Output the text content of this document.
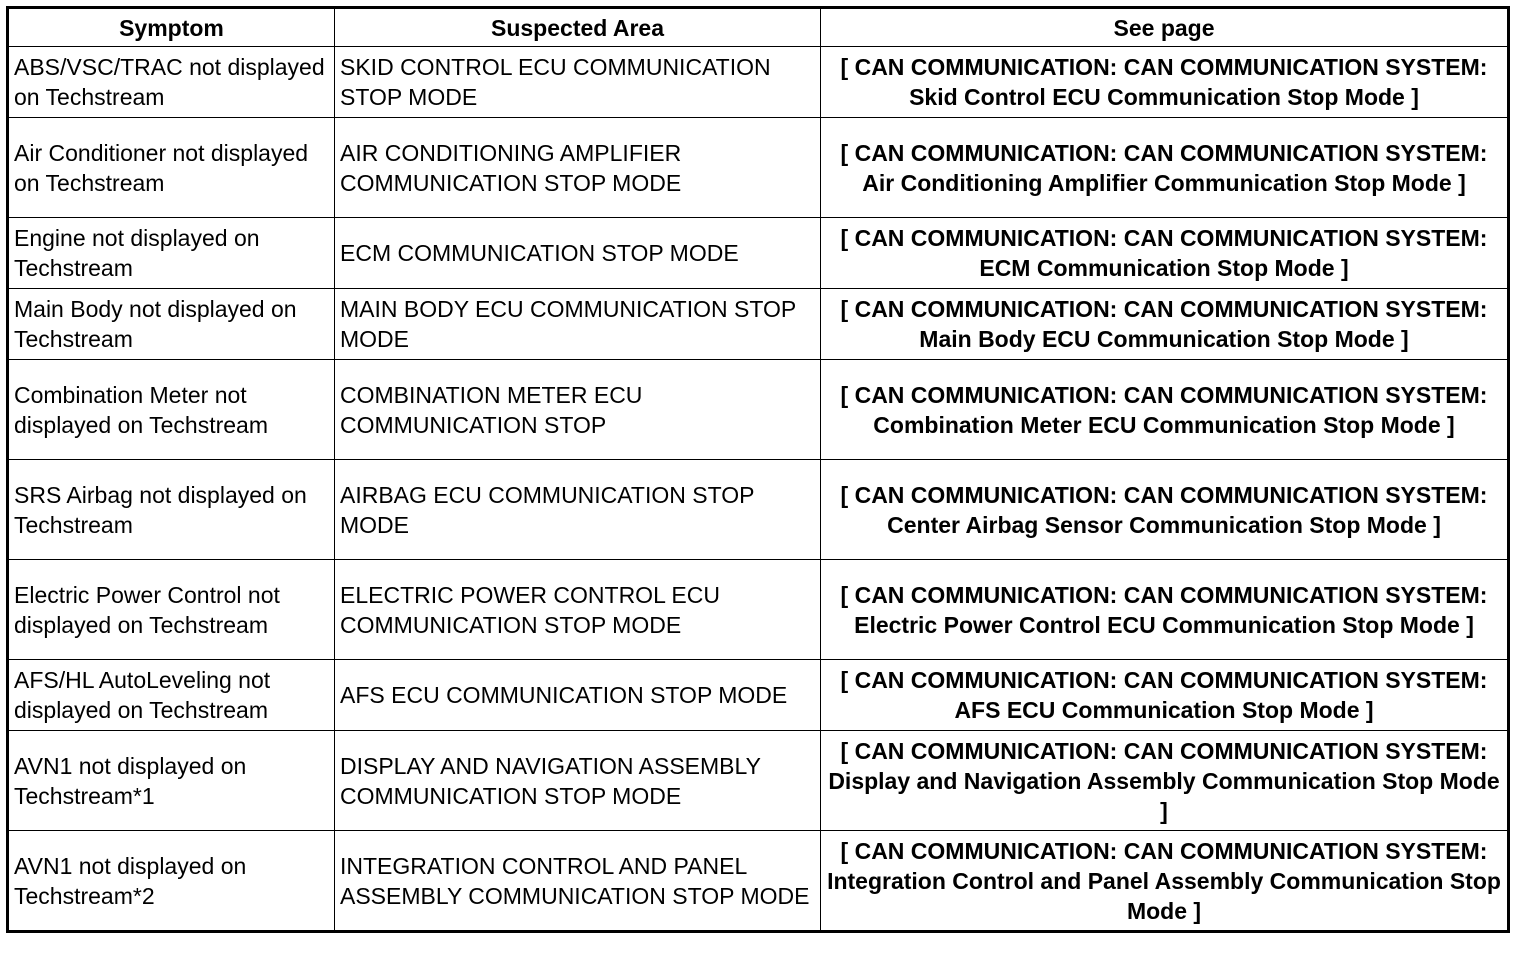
Symptom	Suspected Area	See page
ABS/VSC/TRAC not displayed on Techstream	SKID CONTROL ECU COMMUNICATION STOP MODE	[ CAN COMMUNICATION: CAN COMMUNICATION SYSTEM: Skid Control ECU Communication Stop Mode ]
Air Conditioner not displayed on Techstream	AIR CONDITIONING AMPLIFIER COMMUNICATION STOP MODE	[ CAN COMMUNICATION: CAN COMMUNICATION SYSTEM: Air Conditioning Amplifier Communication Stop Mode ]
Engine not displayed on Techstream	ECM COMMUNICATION STOP MODE	[ CAN COMMUNICATION: CAN COMMUNICATION SYSTEM: ECM Communication Stop Mode ]
Main Body not displayed on Techstream	MAIN BODY ECU COMMUNICATION STOP MODE	[ CAN COMMUNICATION: CAN COMMUNICATION SYSTEM: Main Body ECU Communication Stop Mode ]
Combination Meter not displayed on Techstream	COMBINATION METER ECU COMMUNICATION STOP	[ CAN COMMUNICATION: CAN COMMUNICATION SYSTEM: Combination Meter ECU Communication Stop Mode ]
SRS Airbag not displayed on Techstream	AIRBAG ECU COMMUNICATION STOP MODE	[ CAN COMMUNICATION: CAN COMMUNICATION SYSTEM: Center Airbag Sensor Communication Stop Mode ]
Electric Power Control not displayed on Techstream	ELECTRIC POWER CONTROL ECU COMMUNICATION STOP MODE	[ CAN COMMUNICATION: CAN COMMUNICATION SYSTEM: Electric Power Control ECU Communication Stop Mode ]
AFS/HL AutoLeveling not displayed on Techstream	AFS ECU COMMUNICATION STOP MODE	[ CAN COMMUNICATION: CAN COMMUNICATION SYSTEM: AFS ECU Communication Stop Mode ]
AVN1 not displayed on Techstream*1	DISPLAY AND NAVIGATION ASSEMBLY COMMUNICATION STOP MODE	[ CAN COMMUNICATION: CAN COMMUNICATION SYSTEM: Display and Navigation Assembly Communication Stop Mode ]
AVN1 not displayed on Techstream*2	INTEGRATION CONTROL AND PANEL ASSEMBLY COMMUNICATION STOP MODE	[ CAN COMMUNICATION: CAN COMMUNICATION SYSTEM: Integration Control and Panel Assembly Communication Stop Mode ]
